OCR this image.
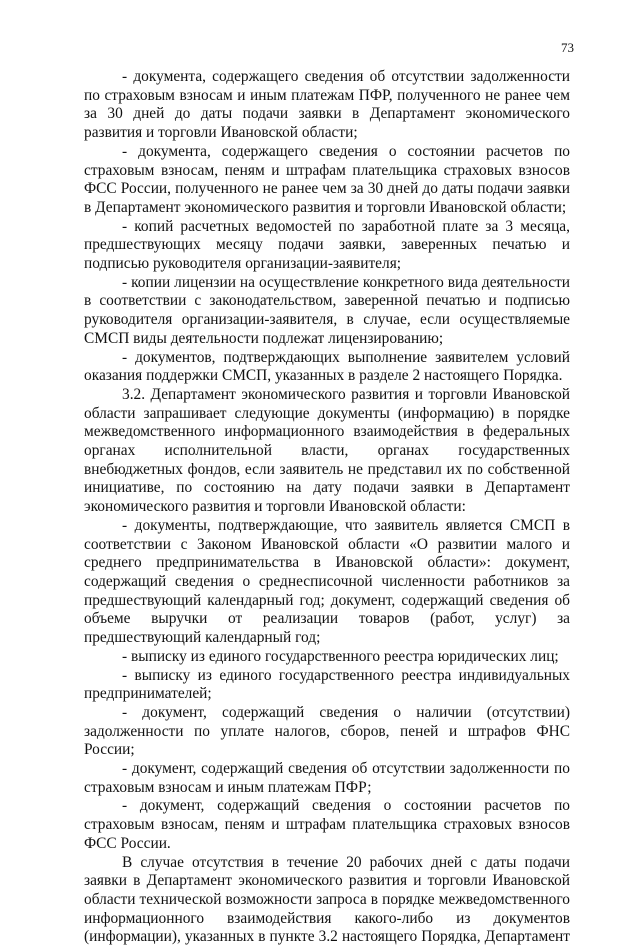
73

- документа, содержащего сведения об отсутствии задолженности по страховым взносам и иным платежам ПФР, полученного не ранее чем за 30 дней до даты подачи заявки в Департамент экономического развития и торговли Ивановской области;

- документа, содержащего сведения о состоянии расчетов по страховым взносам, пеням и штрафам плательщика страховых взносов ФСС России, полученного не ранее чем за 30 дней до даты подачи заявки в Департамент экономического развития и торговли Ивановской области;

- копий расчетных ведомостей по заработной плате за 3 месяца, предшествующих месяцу подачи заявки, заверенных печатью и подписью руководителя организации-заявителя;

- копии лицензии на осуществление конкретного вида деятельности в соответствии с законодательством, заверенной печатью и подписью руководителя организации-заявителя, в случае, если осуществляемые СМСП виды деятельности подлежат лицензированию;

- документов, подтверждающих выполнение заявителем условий оказания поддержки СМСП, указанных в разделе 2 настоящего Порядка.

3.2. Департамент экономического развития и торговли Ивановской области запрашивает следующие документы (информацию) в порядке межведомственного информационного взаимодействия в федеральных органах исполнительной власти, органах государственных внебюджетных фондов, если заявитель не представил их по собственной инициативе, по состоянию на дату подачи заявки в Департамент экономического развития и торговли Ивановской области:

- документы, подтверждающие, что заявитель является СМСП в соответствии с Законом Ивановской области «О развитии малого и среднего предпринимательства в Ивановской области»: документ, содержащий сведения о среднесписочной численности работников за предшествующий календарный год; документ, содержащий сведения об объеме выручки от реализации товаров (работ, услуг) за предшествующий календарный год;

- выписку из единого государственного реестра юридических лиц;

- выписку из единого государственного реестра индивидуальных предпринимателей;

- документ, содержащий сведения о наличии (отсутствии) задолженности по уплате налогов, сборов, пеней и штрафов ФНС России;

- документ, содержащий сведения об отсутствии задолженности по страховым взносам и иным платежам ПФР;

- документ, содержащий сведения о состоянии расчетов по страховым взносам, пеням и штрафам плательщика страховых взносов ФСС России.

В случае отсутствия в течение 20 рабочих дней с даты подачи заявки в Департамент экономического развития и торговли Ивановской области технической возможности запроса в порядке межведомственного информационного взаимодействия какого-либо из документов (информации), указанных в пункте 3.2 настоящего Порядка, Департамент
